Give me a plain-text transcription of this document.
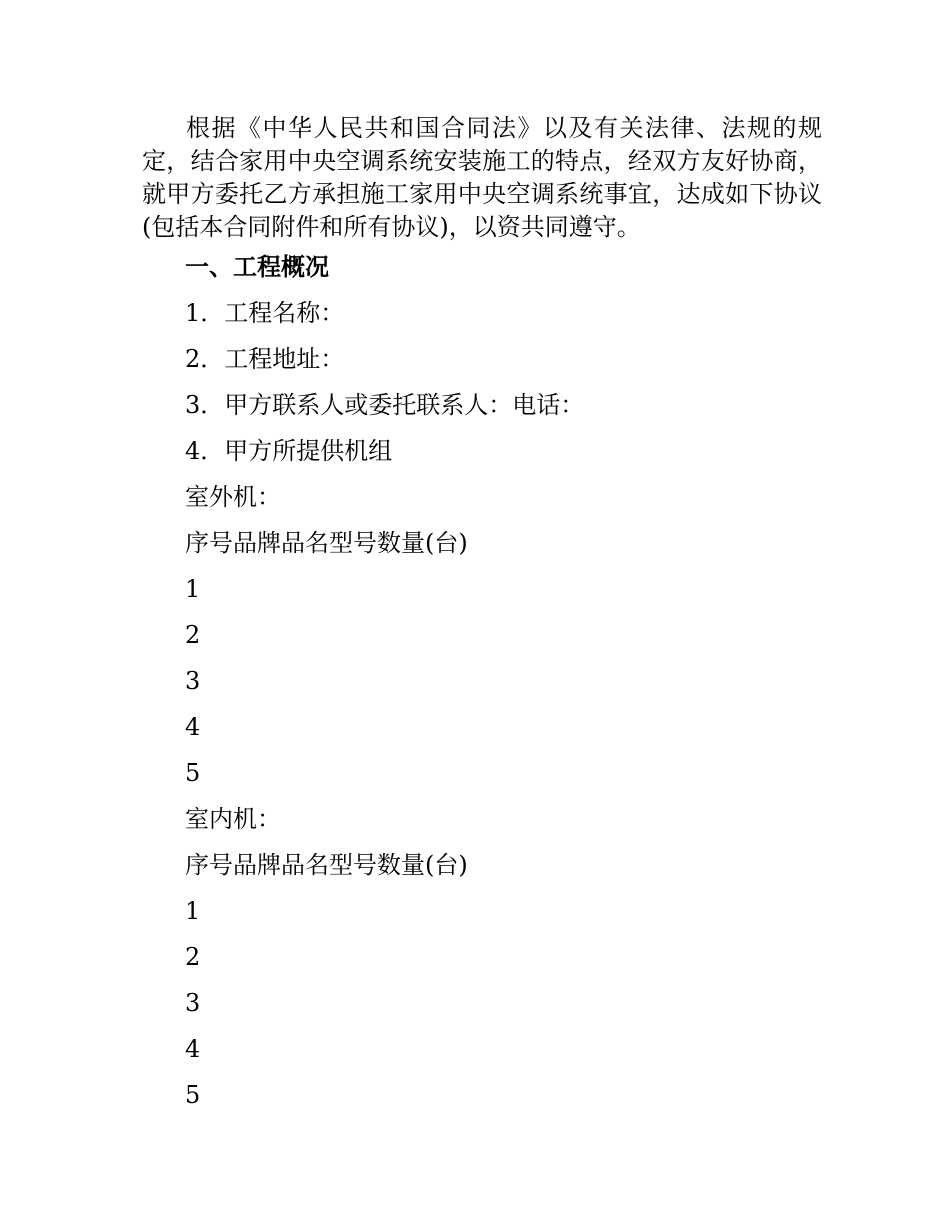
根据《中华人民共和国合同法》以及有关法律、法规的规定，结合家用中央空调系统安装施工的特点，经双方友好协商，就甲方委托乙方承担施工家用中央空调系统事宜，达成如下协议(包括本合同附件和所有协议)，以资共同遵守。

一、工程概况

1．工程名称：

2．工程地址：

3．甲方联系人或委托联系人：电话：

4．甲方所提供机组

室外机：

序号品牌品名型号数量(台)

1

2

3

4

5

室内机：

序号品牌品名型号数量(台)

1

2

3

4

5
